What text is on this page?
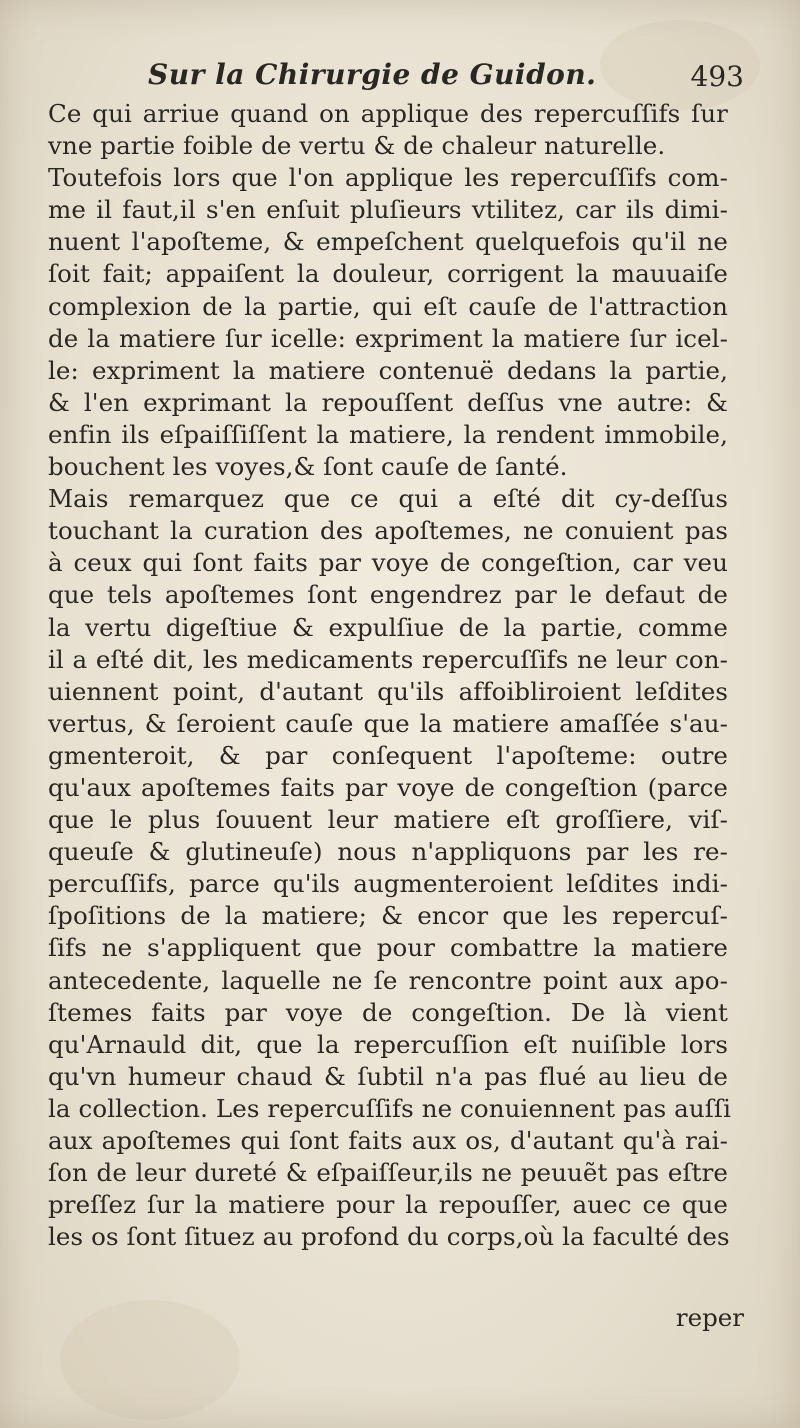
Sur la Chirurgie de Guidon.	493
Ce qui arriue quand on applique des repercuſſifs ſur
vne partie foible de vertu & de chaleur naturelle.
Toutefois lors que l'on applique les repercuſſifs com-
me il faut,il s'en enſuit pluſieurs vtilitez, car ils dimi-
nuent l'apoſteme, & empeſchent quelquefois qu'il ne
ſoit fait; appaiſent la douleur, corrigent la mauuaiſe
complexion de la partie, qui eſt cauſe de l'attraction
de la matiere ſur icelle: expriment la matiere ſur icel-
le: expriment la matiere contenuë dedans la partie,
& l'en exprimant la repouſſent deſſus vne autre: &
enfin ils eſpaiſſiſſent la matiere, la rendent immobile,
bouchent les voyes,& ſont cauſe de ſanté.
Mais remarquez que ce qui a eſté dit cy-deſſus
touchant la curation des apoſtemes, ne conuient pas
à ceux qui ſont faits par voye de congeſtion, car veu
que tels apoſtemes ſont engendrez par le defaut de
la vertu digeſtiue & expulſiue de la partie, comme
il a eſté dit, les medicaments repercuſſifs ne leur con-
uiennent point, d'autant qu'ils affoibliroient leſdites
vertus, & ſeroient cauſe que la matiere amaſſée s'au-
gmenteroit, & par conſequent l'apoſteme: outre
qu'aux apoſtemes faits par voye de congeſtion (parce
que le plus ſouuent leur matiere eſt groſſiere, viſ-
queuſe & glutineuſe) nous n'appliquons par les re-
percuſſifs, parce qu'ils augmenteroient leſdites indi-
ſpoſitions de la matiere; & encor que les repercuſ-
ſifs ne s'appliquent que pour combattre la matiere
antecedente, laquelle ne ſe rencontre point aux apo-
ſtemes faits par voye de congeſtion. De là vient
qu'Arnauld dit, que la repercuſſion eſt nuiſible lors
qu'vn humeur chaud & ſubtil n'a pas flué au lieu de
la collection. Les repercuſſifs ne conuiennent pas auſſi
aux apoſtemes qui ſont faits aux os, d'autant qu'à rai-
ſon de leur dureté & eſpaiſſeur,ils ne peuuẽt pas eſtre
preſſez ſur la matiere pour la repouſſer, auec ce que
les os ſont ſituez au profond du corps,où la faculté des
reper
